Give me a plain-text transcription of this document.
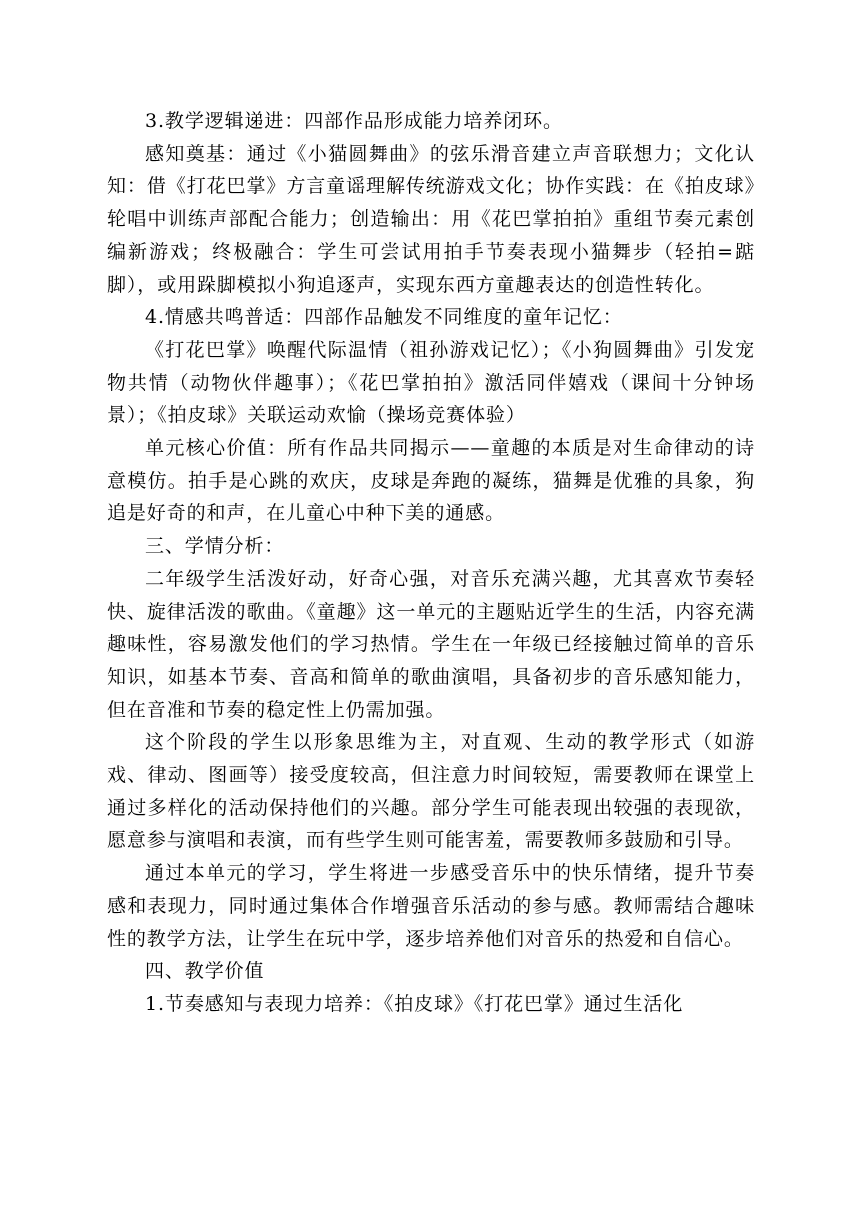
3.教学逻辑递进：四部作品形成能力培养闭环。

感知奠基：通过《小猫圆舞曲》的弦乐滑音建立声音联想力；文化认知：借《打花巴掌》方言童谣理解传统游戏文化；协作实践：在《拍皮球》轮唱中训练声部配合能力；创造输出：用《花巴掌拍拍》重组节奏元素创编新游戏；终极融合：学生可尝试用拍手节奏表现小猫舞步（轻拍=踮脚），或用跺脚模拟小狗追逐声，实现东西方童趣表达的创造性转化。

4.情感共鸣普适：四部作品触发不同维度的童年记忆：

《打花巴掌》唤醒代际温情（祖孙游戏记忆）；《小狗圆舞曲》引发宠物共情（动物伙伴趣事）；《花巴掌拍拍》激活同伴嬉戏（课间十分钟场景）；《拍皮球》关联运动欢愉（操场竞赛体验）

单元核心价值：所有作品共同揭示——童趣的本质是对生命律动的诗意模仿。拍手是心跳的欢庆，皮球是奔跑的凝练，猫舞是优雅的具象，狗追是好奇的和声，在儿童心中种下美的通感。

三、学情分析：

二年级学生活泼好动，好奇心强，对音乐充满兴趣，尤其喜欢节奏轻快、旋律活泼的歌曲。《童趣》这一单元的主题贴近学生的生活，内容充满趣味性，容易激发他们的学习热情。学生在一年级已经接触过简单的音乐知识，如基本节奏、音高和简单的歌曲演唱，具备初步的音乐感知能力，但在音准和节奏的稳定性上仍需加强。

这个阶段的学生以形象思维为主，对直观、生动的教学形式（如游戏、律动、图画等）接受度较高，但注意力时间较短，需要教师在课堂上通过多样化的活动保持他们的兴趣。部分学生可能表现出较强的表现欲，愿意参与演唱和表演，而有些学生则可能害羞，需要教师多鼓励和引导。

通过本单元的学习，学生将进一步感受音乐中的快乐情绪，提升节奏感和表现力，同时通过集体合作增强音乐活动的参与感。教师需结合趣味性的教学方法，让学生在玩中学，逐步培养他们对音乐的热爱和自信心。

四、教学价值

1.节奏感知与表现力培养：《拍皮球》《打花巴掌》通过生活化
